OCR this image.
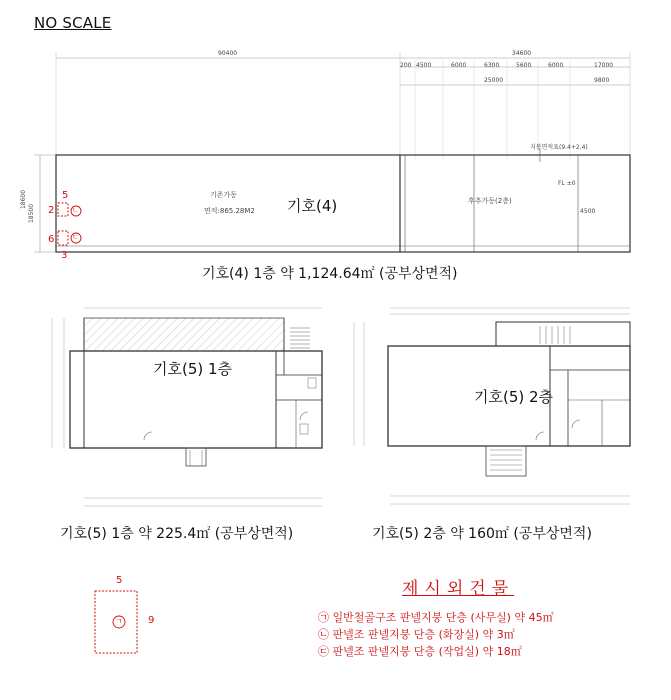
NO SCALE
90400	34600
200 4500	6000	6300	5600	6000	17000
25000	9800
18600
18500
지붕면적표(9.4+2.4)
기존가동
면적:865.28M2
후추가동(2층)
FL ±0
4500
기호(4)
5
2
6
3
ㄴ
ㄷ
기호(4) 1층 약 1,124.64㎡ (공부상면적)
기호(5) 1층
기호(5) 1층 약 225.4㎡ (공부상면적)
기호(5) 2층
기호(5) 2층 약 160㎡ (공부상면적)
5
9
ㄱ
제시외건물
㉠ 일반철골구조 판넬지붕 단층 (사무실) 약 45㎡
㉡ 판넬조 판넬지붕 단층 (화장실) 약 3㎡
㉢ 판넬조 판넬지붕 단층 (작업실) 약 18㎡
